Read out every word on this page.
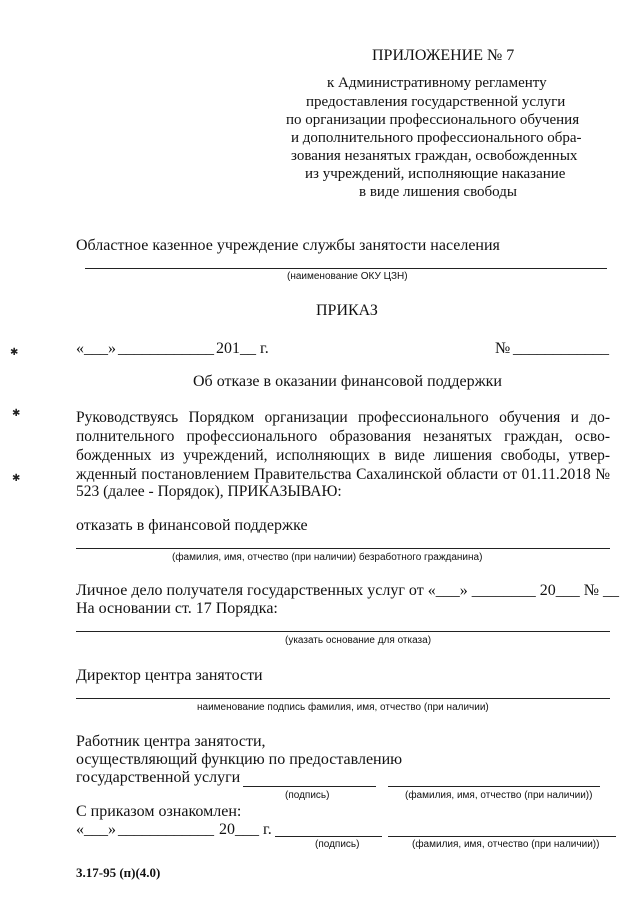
ПРИЛОЖЕНИЕ № 7
к Административному регламенту
предоставления государственной услуги
по организации профессионального обучения
и дополнительного профессионального обра-
зования незанятых граждан, освобожденных
из учреждений, исполняющие наказание
в виде лишения свободы
Областное казенное учреждение службы занятости населения
(наименование ОКУ ЦЗН)
ПРИКАЗ
«___» ____________ 201__ г.	№ ____________
Об отказе в оказании финансовой поддержки
Руководствуясь Порядком организации профессионального обучения и до-
полнительного профессионального образования незанятых граждан, осво-
божденных из учреждений, исполняющих в виде лишения свободы, утвер-
жденный постановлением Правительства Сахалинской области от 01.11.2018 №
523 (далее - Порядок), ПРИКАЗЫВАЮ:
отказать в финансовой поддержке
(фамилия, имя, отчество (при наличии) безработного гражданина)
Личное дело получателя государственных услуг от «___» ________ 20___ № __
На основании ст. 17 Порядка:
(указать основание для отказа)
Директор центра занятости
наименование подпись фамилия, имя, отчество (при наличии)
Работник центра занятости,
осуществляющий функцию по предоставлению
государственной услуги
(подпись)	(фамилия, имя, отчество (при наличии))
С приказом ознакомлен:
«___» ____________ 20___ г.
(подпись)	(фамилия, имя, отчество (при наличии))
3.17-95 (п)(4.0)
✱
✱
✱
